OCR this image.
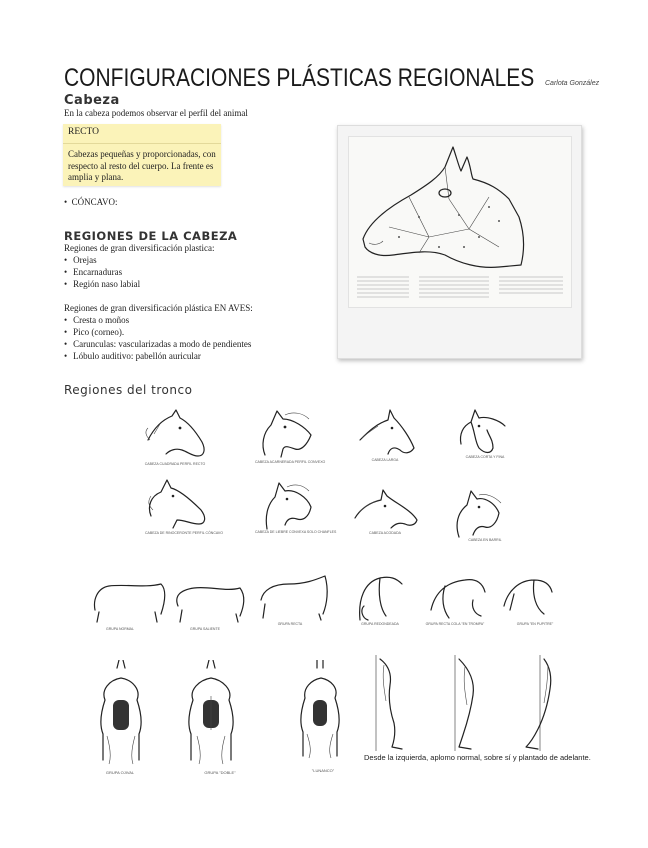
CONFIGURACIONES PLÁSTICAS REGIONALES Carlota González
Cabeza
En la cabeza podemos observar el perfil del animal
RECTO
Cabezas pequeñas y proporcionadas, con respecto al resto del cuerpo. La frente es amplia y plana.
•  CÓNCAVO:
REGIONES DE LA CABEZA
Regiones de gran diversificación plastica:
• Orejas
• Encarnaduras
• Región naso labial
Regiones de gran diversificación plástica EN AVES:
• Cresta o moños
• Pico (corneo).
• Carunculas: vascularizadas a modo de pendientes
• Lóbulo auditivo: pabellón auricular
Regiones del tronco
CABEZA CUADRADA PERFIL RECTO	CABEZA ACARNERADA PERFIL CONVEXO	CABEZA LARGA
CABEZA CORTA Y FINA
CABEZA DE RINOCERONTE PERFIL CÓNCAVO	CABEZA DE LIEBRE CONVEXA SOLO CHANFLES	CABEZA ACODADA
CABEZA EN BARRIL
GRUPA NORMAL	GRUPA SALIENTE
GRUPA RECTA	GRUPA REDONDEADA	GRUPA RECTA COLA "EN TROMPA"	GRUPA "EN PUPITRE"
GRUPA OJIVAL	GRUPA "DOBLE"	"LUNANCO"
Desde la izquierda, aplomo normal, sobre sí y plantado de adelante.
